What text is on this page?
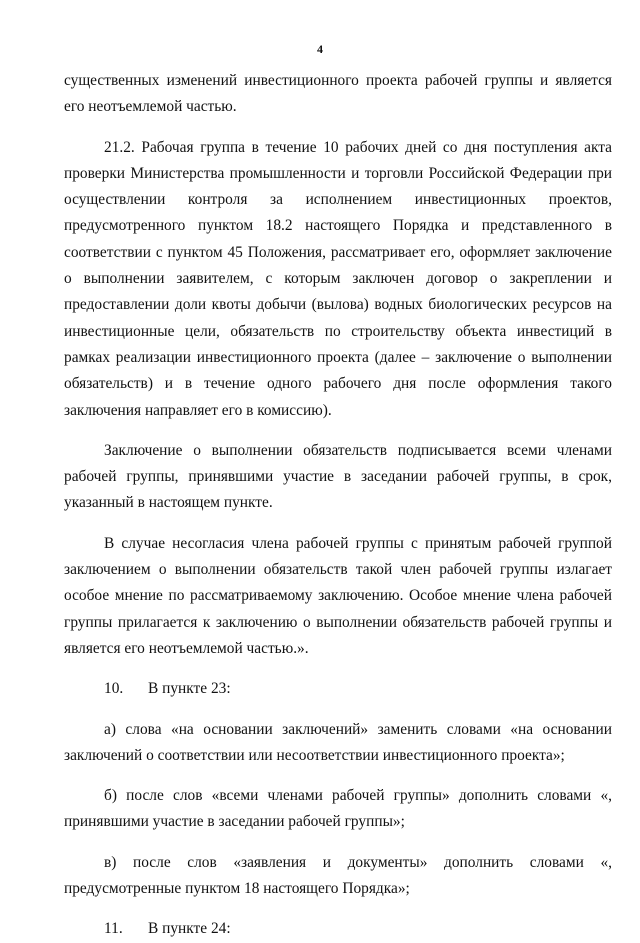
4

существенных изменений инвестиционного проекта рабочей группы и является его неотъемлемой частью.

21.2. Рабочая группа в течение 10 рабочих дней со дня поступления акта проверки Министерства промышленности и торговли Российской Федерации при осуществлении контроля за исполнением инвестиционных проектов, предусмотренного пунктом 18.2 настоящего Порядка и представленного в соответствии с пунктом 45 Положения, рассматривает его, оформляет заключение о выполнении заявителем, с которым заключен договор о закреплении и предоставлении доли квоты добычи (вылова) водных биологических ресурсов на инвестиционные цели, обязательств по строительству объекта инвестиций в рамках реализации инвестиционного проекта (далее – заключение о выполнении обязательств) и в течение одного рабочего дня после оформления такого заключения направляет его в комиссию).

Заключение о выполнении обязательств подписывается всеми членами рабочей группы, принявшими участие в заседании рабочей группы, в срок, указанный в настоящем пункте.

В случае несогласия члена рабочей группы с принятым рабочей группой заключением о выполнении обязательств такой член рабочей группы излагает особое мнение по рассматриваемому заключению. Особое мнение члена рабочей группы прилагается к заключению о выполнении обязательств рабочей группы и является его неотъемлемой частью.».

10. В пункте 23:

а) слова «на основании заключений» заменить словами «на основании заключений о соответствии или несоответствии инвестиционного проекта»;

б) после слов «всеми членами рабочей группы» дополнить словами «, принявшими участие в заседании рабочей группы»;

в) после слов «заявления и документы» дополнить словами «, предусмотренные пунктом 18 настоящего Порядка»;

11. В пункте 24:
